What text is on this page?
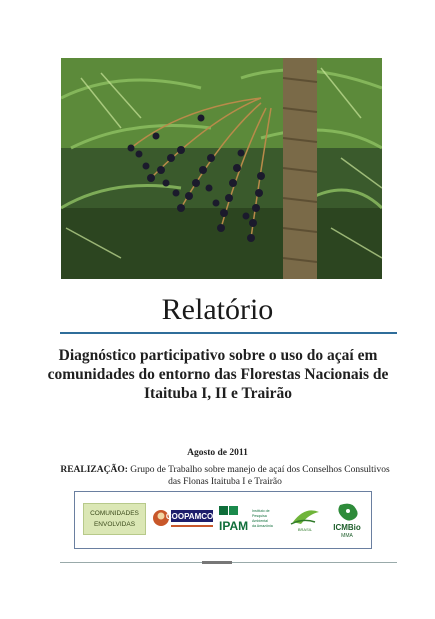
Relatório
Diagnóstico participativo sobre o uso do açaí em comunidades do entorno das Florestas Nacionais de Itaituba I, II e Trairão
Agosto de 2011
REALIZAÇÃO: Grupo de Trabalho sobre manejo de açaí dos Conselhos Consultivos das Flonas Itaituba I e Trairão
COMUNIDADES ENVOLVIDAS
COOPAMCOL
IPAM
Instituto de
Pesquisa
Ambiental
da Amazônia
BRASIL	ICMBio
MMA
